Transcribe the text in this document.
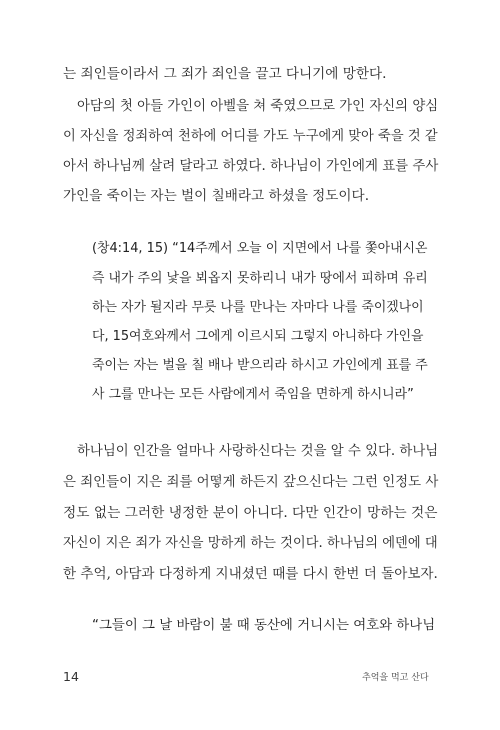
는 죄인들이라서 그 죄가 죄인을 끌고 다니기에 망한다.
아담의 첫 아들 가인이 아벨을 쳐 죽였으므로 가인 자신의 양심
이 자신을 정죄하여 천하에 어디를 가도 누구에게 맞아 죽을 것 같
아서 하나님께 살려 달라고 하였다. 하나님이 가인에게 표를 주사
가인을 죽이는 자는 벌이 칠배라고 하셨을 정도이다.
(창4:14, 15) “14주께서 오늘 이 지면에서 나를 쫓아내시온
즉 내가 주의 낯을 뵈옵지 못하리니 내가 땅에서 피하며 유리
하는 자가 될지라 무릇 나를 만나는 자마다 나를 죽이겠나이
다, 15여호와께서 그에게 이르시되 그렇지 아니하다 가인을
죽이는 자는 벌을 칠 배나 받으리라 하시고 가인에게 표를 주
사 그를 만나는 모든 사람에게서 죽임을 면하게 하시니라”
하나님이 인간을 얼마나 사랑하신다는 것을 알 수 있다. 하나님
은 죄인들이 지은 죄를 어떻게 하든지 갚으신다는 그런 인정도 사
정도 없는 그러한 냉정한 분이 아니다. 다만 인간이 망하는 것은
자신이 지은 죄가 자신을 망하게 하는 것이다. 하나님의 에덴에 대
한 추억, 아담과 다정하게 지내셨던 때를 다시 한번 더 돌아보자.
“그들이 그 날 바람이 불 때 동산에 거니시는 여호와 하나님
14	추억을 먹고 산다
